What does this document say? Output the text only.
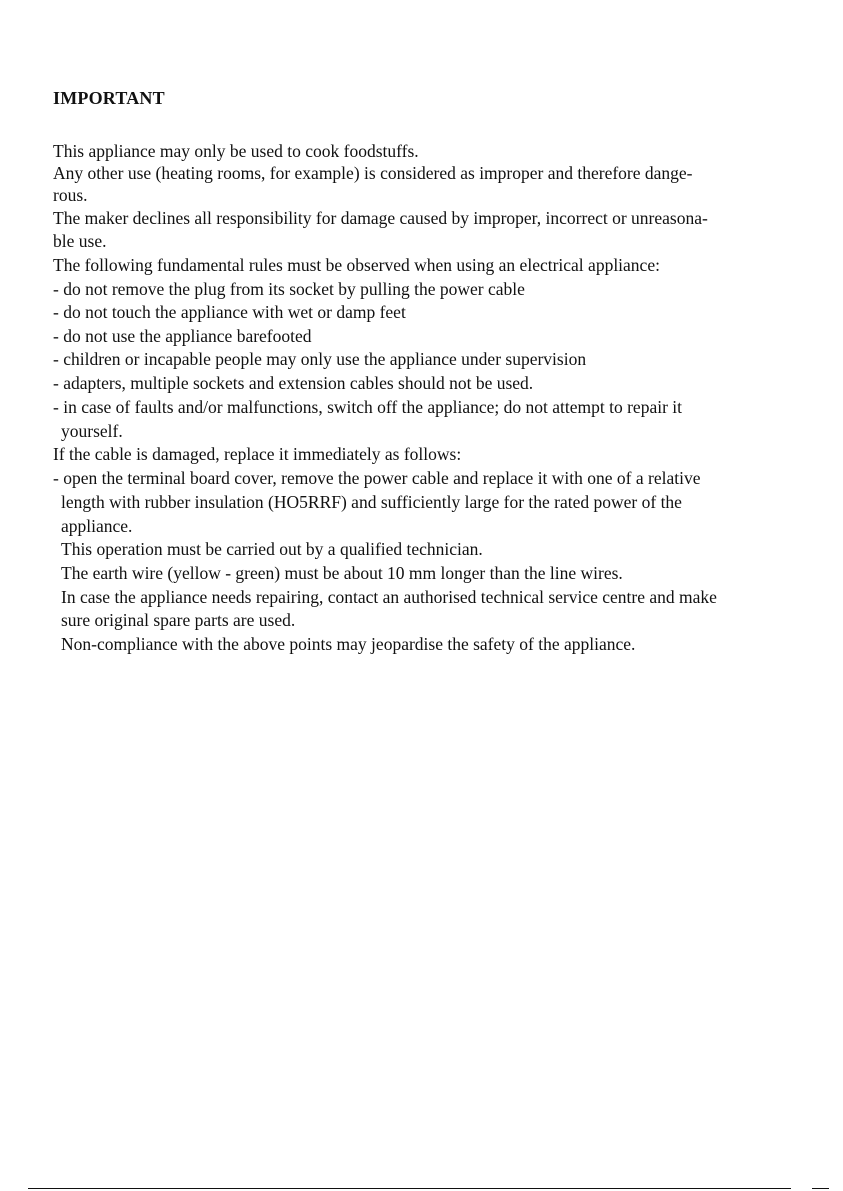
IMPORTANT

This appliance may only be used to cook foodstuffs.

Any other use (heating rooms, for example) is considered as improper and therefore dange-

rous.

The maker declines all responsibility for damage caused by improper, incorrect or unreasona-

ble use.

The following fundamental rules must be observed when using an electrical appliance:

- do not remove the plug from its socket by pulling the power cable

- do not touch the appliance with wet or damp feet

- do not use the appliance barefooted

- children or incapable people may only use the appliance under supervision

- adapters, multiple sockets and extension cables should not be used.

- in case of faults and/or malfunctions, switch off the appliance; do not attempt to repair it

yourself.

If the cable is damaged, replace it immediately as follows:

- open the terminal board cover, remove the power cable and replace it with one of a relative

length with rubber insulation (HO5RRF) and sufficiently large for the rated power of the

appliance.

This operation must be carried out by a qualified technician.

The earth wire (yellow - green) must be about 10 mm longer than the line wires.

In case the appliance needs repairing, contact an authorised technical service centre and make

sure original spare parts are used.

Non-compliance with the above points may jeopardise the safety of the appliance.
